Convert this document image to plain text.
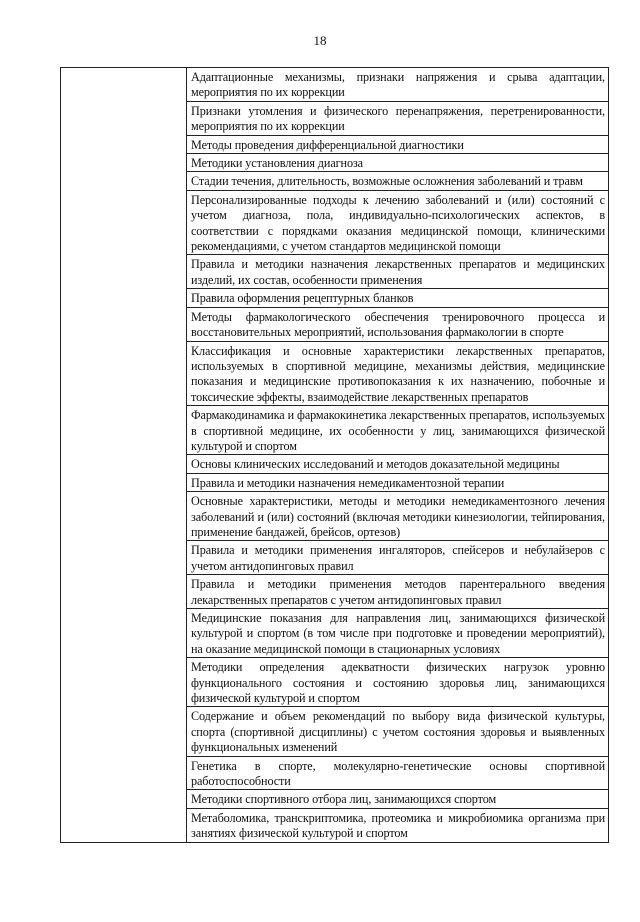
18
	Адаптационные механизмы, признаки напряжения и срыва адаптации, мероприятия по их коррекции
Признаки утомления и физического перенапряжения, перетренированности, мероприятия по их коррекции
Методы проведения дифференциальной диагностики
Методики установления диагноза
Стадии течения, длительность, возможные осложнения заболеваний и травм
Персонализированные подходы к лечению заболеваний и (или) состояний с учетом диагноза, пола, индивидуально-психологических аспектов, в соответствии с порядками оказания медицинской помощи, клиническими рекомендациями, с учетом стандартов медицинской помощи
Правила и методики назначения лекарственных препаратов и медицинских изделий, их состав, особенности применения
Правила оформления рецептурных бланков
Методы фармакологического обеспечения тренировочного процесса и восстановительных мероприятий, использования фармакологии в спорте
Классификация и основные характеристики лекарственных препаратов, используемых в спортивной медицине, механизмы действия, медицинские показания и медицинские противопоказания к их назначению, побочные и токсические эффекты, взаимодействие лекарственных препаратов
Фармакодинамика и фармакокинетика лекарственных препаратов, используемых в спортивной медицине, их особенности у лиц, занимающихся физической культурой и спортом
Основы клинических исследований и методов доказательной медицины
Правила и методики назначения немедикаментозной терапии
Основные характеристики, методы и методики немедикаментозного лечения заболеваний и (или) состояний (включая методики кинезиологии, тейпирования, применение бандажей, брейсов, ортезов)
Правила и методики применения ингаляторов, спейсеров и небулайзеров с учетом антидопинговых правил
Правила и методики применения методов парентерального введения лекарственных препаратов с учетом антидопинговых правил
Медицинские показания для направления лиц, занимающихся физической культурой и спортом (в том числе при подготовке и проведении мероприятий), на оказание медицинской помощи в стационарных условиях
Методики определения адекватности физических нагрузок уровню функционального состояния и состоянию здоровья лиц, занимающихся физической культурой и спортом
Содержание и объем рекомендаций по выбору вида физической культуры, спорта (спортивной дисциплины) с учетом состояния здоровья и выявленных функциональных изменений
Генетика в спорте, молекулярно-генетические основы спортивной работоспособности
Методики спортивного отбора лиц, занимающихся спортом
Метаболомика, транскриптомика, протеомика и микробиомика организма при занятиях физической культурой и спортом
